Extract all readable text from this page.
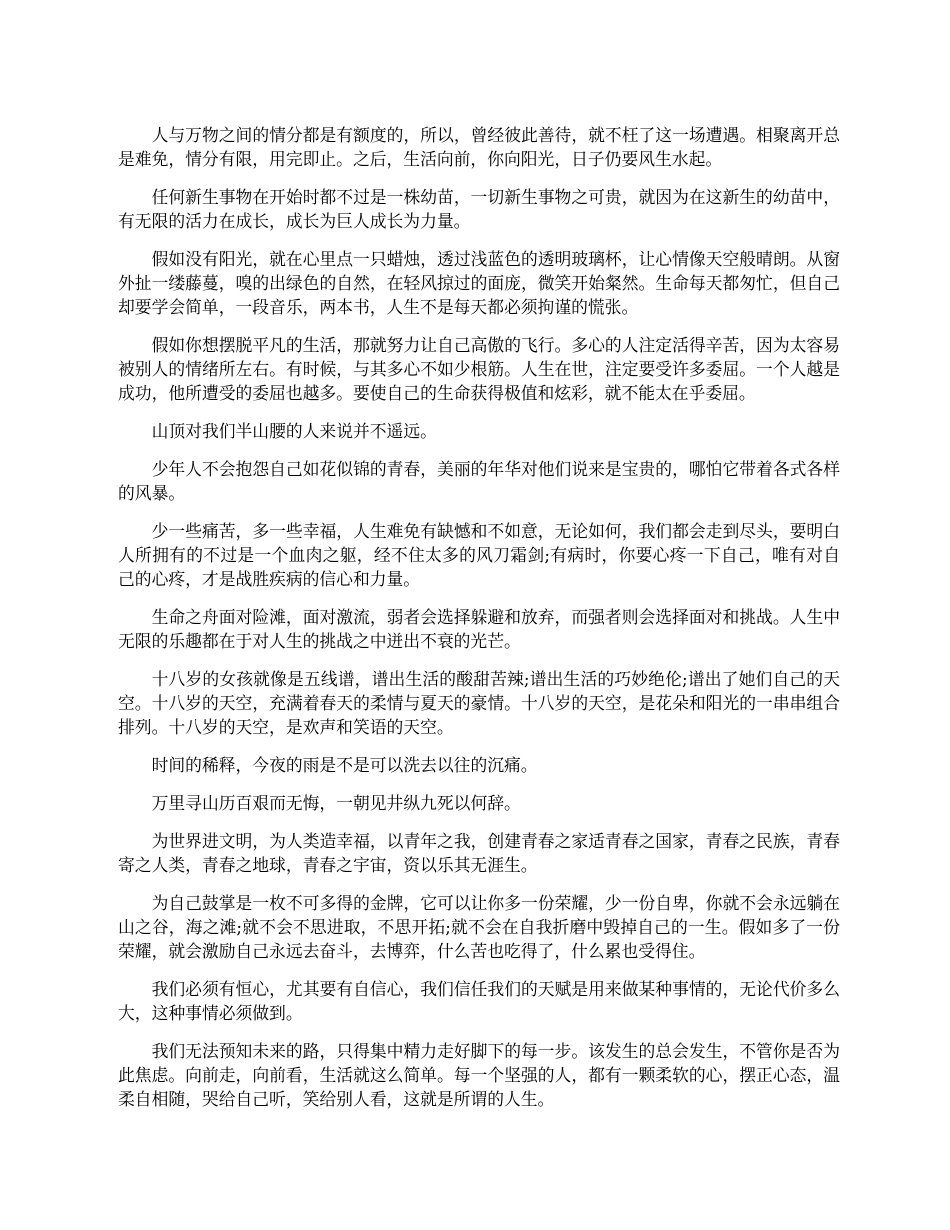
人与万物之间的情分都是有额度的，所以，曾经彼此善待，就不枉了这一场遭遇。相聚离开总是难免，情分有限，用完即止。之后，生活向前，你向阳光，日子仍要风生水起。

任何新生事物在开始时都不过是一株幼苗，一切新生事物之可贵，就因为在这新生的幼苗中，有无限的活力在成长，成长为巨人成长为力量。

假如没有阳光，就在心里点一只蜡烛，透过浅蓝色的透明玻璃杯，让心情像天空般晴朗。从窗外扯一缕藤蔓，嗅的出绿色的自然，在轻风掠过的面庞，微笑开始粲然。生命每天都匆忙，但自己却要学会简单，一段音乐，两本书，人生不是每天都必须拘谨的慌张。

假如你想摆脱平凡的生活，那就努力让自己高傲的飞行。多心的人注定活得辛苦，因为太容易被别人的情绪所左右。有时候，与其多心不如少根筋。人生在世，注定要受许多委屈。一个人越是成功，他所遭受的委屈也越多。要使自己的生命获得极值和炫彩，就不能太在乎委屈。

山顶对我们半山腰的人来说并不遥远。

少年人不会抱怨自己如花似锦的青春，美丽的年华对他们说来是宝贵的，哪怕它带着各式各样的风暴。

少一些痛苦，多一些幸福，人生难免有缺憾和不如意，无论如何，我们都会走到尽头，要明白人所拥有的不过是一个血肉之躯，经不住太多的风刀霜剑;有病时，你要心疼一下自己，唯有对自己的心疼，才是战胜疾病的信心和力量。

生命之舟面对险滩，面对激流，弱者会选择躲避和放弃，而强者则会选择面对和挑战。人生中无限的乐趣都在于对人生的挑战之中迸出不衰的光芒。

十八岁的女孩就像是五线谱，谱出生活的酸甜苦辣;谱出生活的巧妙绝伦;谱出了她们自己的天空。十八岁的天空，充满着春天的柔情与夏天的豪情。十八岁的天空，是花朵和阳光的一串串组合排列。十八岁的天空，是欢声和笑语的天空。

时间的稀释，今夜的雨是不是可以洗去以往的沉痛。

万里寻山历百艰而无悔，一朝见井纵九死以何辞。

为世界进文明，为人类造幸福，以青年之我，创建青春之家适青春之国家，青春之民族，青春寄之人类，青春之地球，青春之宇宙，资以乐其无涯生。

为自己鼓掌是一枚不可多得的金牌，它可以让你多一份荣耀，少一份自卑，你就不会永远躺在山之谷，海之滩;就不会不思进取，不思开拓;就不会在自我折磨中毁掉自己的一生。假如多了一份荣耀，就会激励自己永远去奋斗，去博弈，什么苦也吃得了，什么累也受得住。

我们必须有恒心，尤其要有自信心，我们信任我们的天赋是用来做某种事情的，无论代价多么大，这种事情必须做到。

我们无法预知未来的路，只得集中精力走好脚下的每一步。该发生的总会发生，不管你是否为此焦虑。向前走，向前看，生活就这么简单。每一个坚强的人，都有一颗柔软的心，摆正心态，温柔自相随，哭给自己听，笑给别人看，这就是所谓的人生。
